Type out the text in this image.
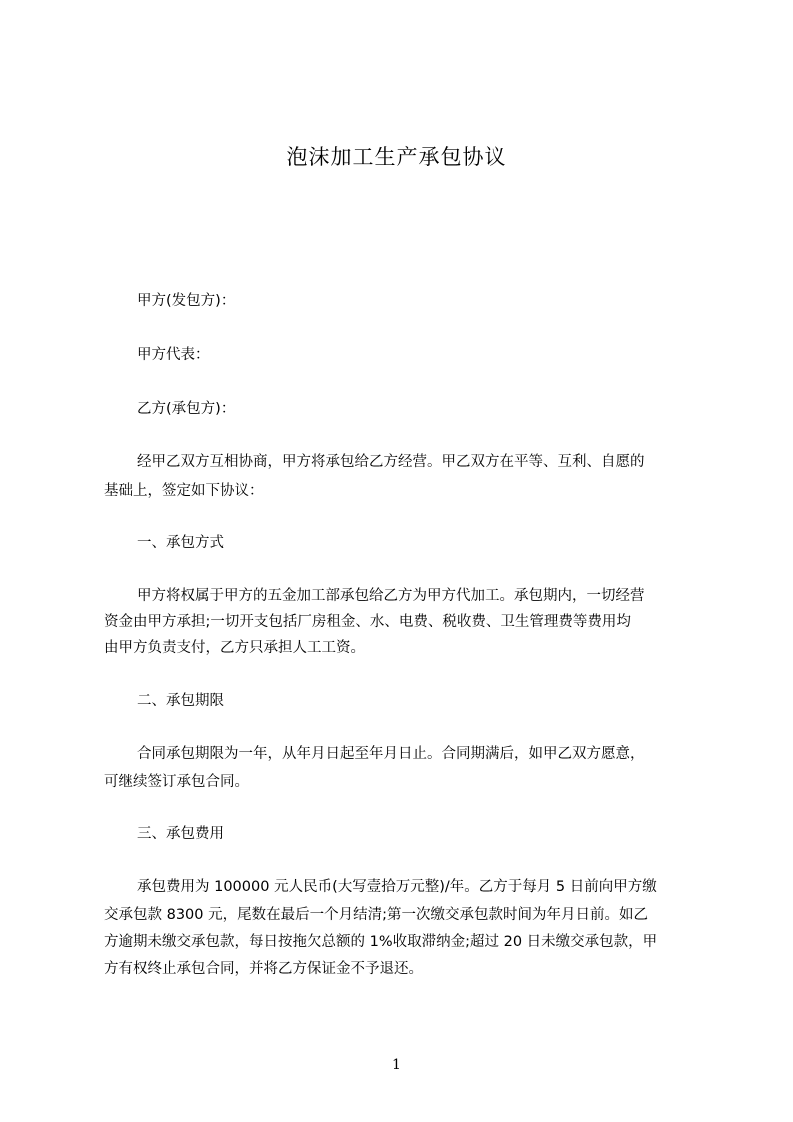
泡沫加工生产承包协议
甲方(发包方)：
甲方代表：
乙方(承包方)：
经甲乙双方互相协商，甲方将承包给乙方经营。甲乙双方在平等、互利、自愿的
基础上，签定如下协议：
一、承包方式
甲方将权属于甲方的五金加工部承包给乙方为甲方代加工。承包期内，一切经营
资金由甲方承担;一切开支包括厂房租金、水、电费、税收费、卫生管理费等费用均
由甲方负责支付，乙方只承担人工工资。
二、承包期限
合同承包期限为一年，从年月日起至年月日止。合同期满后，如甲乙双方愿意，
可继续签订承包合同。
三、承包费用
承包费用为 100000 元人民币(大写壹拾万元整)/年。乙方于每月 5 日前向甲方缴
交承包款 8300 元，尾数在最后一个月结清;第一次缴交承包款时间为年月日前。如乙
方逾期未缴交承包款，每日按拖欠总额的 1%收取滞纳金;超过 20 日未缴交承包款，甲
方有权终止承包合同，并将乙方保证金不予退还。
1
